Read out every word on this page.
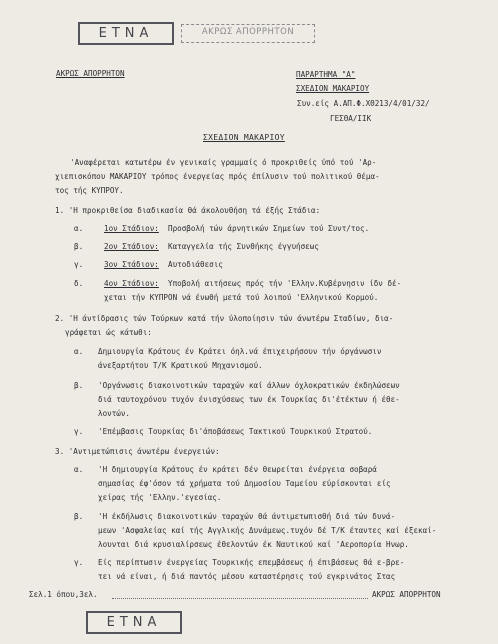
ΕΤΝΑ	ΑΚΡΩΣ ΑΠΟΡΡΗΤΟΝ
ΑΚΡΩΣ ΑΠΟΡΡΗΤΟΝ	ΠΑΡΑΡΤΗΜΑ "Α"
ΣΧΕΔΙΟΝ ΜΑΚΑΡΙΟΥ
Συν.είς Α.ΑΠ.Φ.ΧΘ213/4/01/32/
ΓΕΣΘΑ/ΙΙΚ
ΣΧΕΔΙΟΝ ΜΑΚΑΡΙΟΥ
'Αναφέρεται κατωτέρω έν γενικαίς γραμμαίς ό προκριθείς ύπό τού 'Αρ-
χιεπισκόπου ΜΑΚΑΡΙΟΥ τρόπος ένεργείας πρός έπίλυσιν τού πολιτικού θέμα-
τος τής ΚΥΠΡΟΥ.
1. 'Η προκριθείσα διαδικασία θά άκολουθήση τά έξής Στάδια:
α.	1ον Στάδιον: Προσβολή τών άρνητικών Σημείων τού Συντ/τος.
β.	2ον Στάδιον: Καταγγελία τής Συνθήκης έγγυήσεως
γ.	3ον Στάδιον: Αυτοδιάθεσις
δ.	4ον Στάδιον: Υποβολή αιτήσεως πρός τήν 'Ελλην.Κυβέρνησιν ίδν δέ-
χεται τήν ΚΥΠΡΟΝ νά ένωθή μετά τού λοιπού 'Ελληνικού Κορμού.
2. 'Η άντίδρασις τών Τούρκων κατά τήν ύλοποίησιν τών άνωτέρω Σταδίων, δια-
γράφεται ώς κάτωθι:
α. Δημιουργία Κράτους έν Κράτει όηλ.νά έπιχειρήσουν τήν όργάνωσιν
άνεξαρτήτου Τ/Κ Κρατικού Μηχανισμού.
β. 'Οργάνωσις διακοινοτικών ταραχών καί άλλων όχλοκρατικών έκδηλώσεων
διά ταυτοχρόνου τυχόν ένισχύσεως των έκ Τουρκίας δι'έτέκτων ή έθε-
λοντών.
γ. 'Επέμβασις Τουρκίας δι'άποβάσεως Τακτικού Τουρκικού Στρατού.
3. 'Αντιμετώπισις άνωτέρω ένεργειών:
α. 'Η δημιουργία Κράτους έν κράτει δέν θεωρείται ένέργεια σοβαρά
σημασίας έφ'όσον τά χρήματα τού Δημοσίου Ταμείου εύρίσκονται είς
χείρας τής 'Ελλην.'εγεσίας.
β. 'Η έκδήλωσις διακοινοτικών ταραχών θά άντιμετωπισθή διά τών δυνά-
μεων 'Ασφαλείας καί τής Αγγλικής Δυνάμεως.τυχόν δέ Τ/Κ έταντες καί έξεκαί-
λουνται διά κρυσιαλίρσεως έθελοντών έκ Ναυτικού καί 'Αεροπορία Ηνωρ.
γ. Είς περίπτωσιν ένεργείας Τουρκικής επεμβάσεως ή έπιβάσεως θά ε-βρε-
τει νά είναι, ή διά παντός μέσου καταστέρησις τού εγκρινάτος Στας
Σελ.1 όπου,3ελ.	ΑΚΡΩΣ ΑΠΟΡΡΗΤΟΝ
ΕΤΝΑ
